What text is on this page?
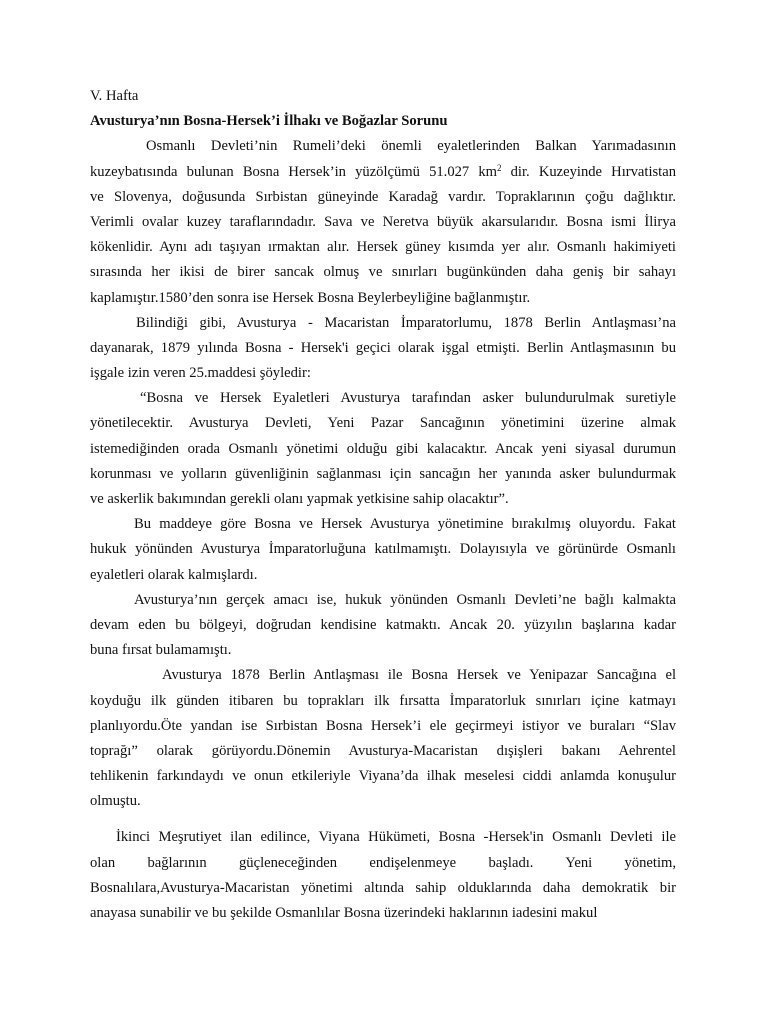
V. Hafta
Avusturya’nın Bosna-Hersek’i İlhakı ve Boğazlar Sorunu
Osmanlı Devleti’nin Rumeli’deki önemli eyaletlerinden Balkan Yarımadasının
kuzeybatısında bulunan Bosna Hersek’in yüzölçümü 51.027 $km^2$ dir. Kuzeyinde Hırvatistan
ve Slovenya, doğusunda Sırbistan güneyinde Karadağ vardır. Topraklarının çoğu dağlıktır.
Verimli ovalar kuzey taraflarındadır. Sava ve Neretva büyük akarsularıdır. Bosna ismi İlirya
kökenlidir. Aynı adı taşıyan ırmaktan alır. Hersek güney kısımda yer alır. Osmanlı hakimiyeti
sırasında her ikisi de birer sancak olmuş ve sınırları bugünkünden daha geniş bir sahayı
kaplamıştır.1580’den sonra ise Hersek Bosna Beylerbeyliğine bağlanmıştır.
Bilindiği gibi, Avusturya - Macaristan İmparatorlumu, 1878 Berlin Antlaşması’na
dayanarak, 1879 yılında Bosna - Hersek'i geçici olarak işgal etmişti. Berlin Antlaşmasının bu
işgale izin veren 25.maddesi şöyledir:
“Bosna ve Hersek Eyaletleri Avusturya tarafından asker bulundurulmak suretiyle
yönetilecektir. Avusturya Devleti, Yeni Pazar Sancağının yönetimini üzerine almak
istemediğinden orada Osmanlı yönetimi olduğu gibi kalacaktır. Ancak yeni siyasal durumun
korunması ve yolların güvenliğinin sağlanması için sancağın her yanında asker bulundurmak
ve askerlik bakımından gerekli olanı yapmak yetkisine sahip olacaktır”.
Bu maddeye göre Bosna ve Hersek Avusturya yönetimine bırakılmış oluyordu. Fakat
hukuk yönünden Avusturya İmparatorluğuna katılmamıştı. Dolayısıyla ve görünürde Osmanlı
eyaletleri olarak kalmışlardı.
Avusturya’nın gerçek amacı ise, hukuk yönünden Osmanlı Devleti’ne bağlı kalmakta
devam eden bu bölgeyi, doğrudan kendisine katmaktı. Ancak 20. yüzyılın başlarına kadar
buna fırsat bulamamıştı.
Avusturya 1878 Berlin Antlaşması ile Bosna Hersek ve Yenipazar Sancağına el
koyduğu ilk günden itibaren bu toprakları ilk fırsatta İmparatorluk sınırları içine katmayı
planlıyordu.Öte yandan ise Sırbistan Bosna Hersek’i ele geçirmeyi istiyor ve buraları “Slav
toprağı” olarak görüyordu.Dönemin Avusturya-Macaristan dışişleri bakanı Aehrentel
tehlikenin farkındaydı ve onun etkileriyle Viyana’da ilhak meselesi ciddi anlamda konuşulur
olmuştu.
İkinci Meşrutiyet ilan edilince, Viyana Hükümeti, Bosna -Hersek'in Osmanlı Devleti ile
olan bağlarının güçleneceğinden endişelenmeye başladı. Yeni yönetim,
Bosnalılara,Avusturya-Macaristan yönetimi altında sahip olduklarında daha demokratik bir
anayasa sunabilir ve bu şekilde Osmanlılar Bosna üzerindeki haklarının iadesini makul
